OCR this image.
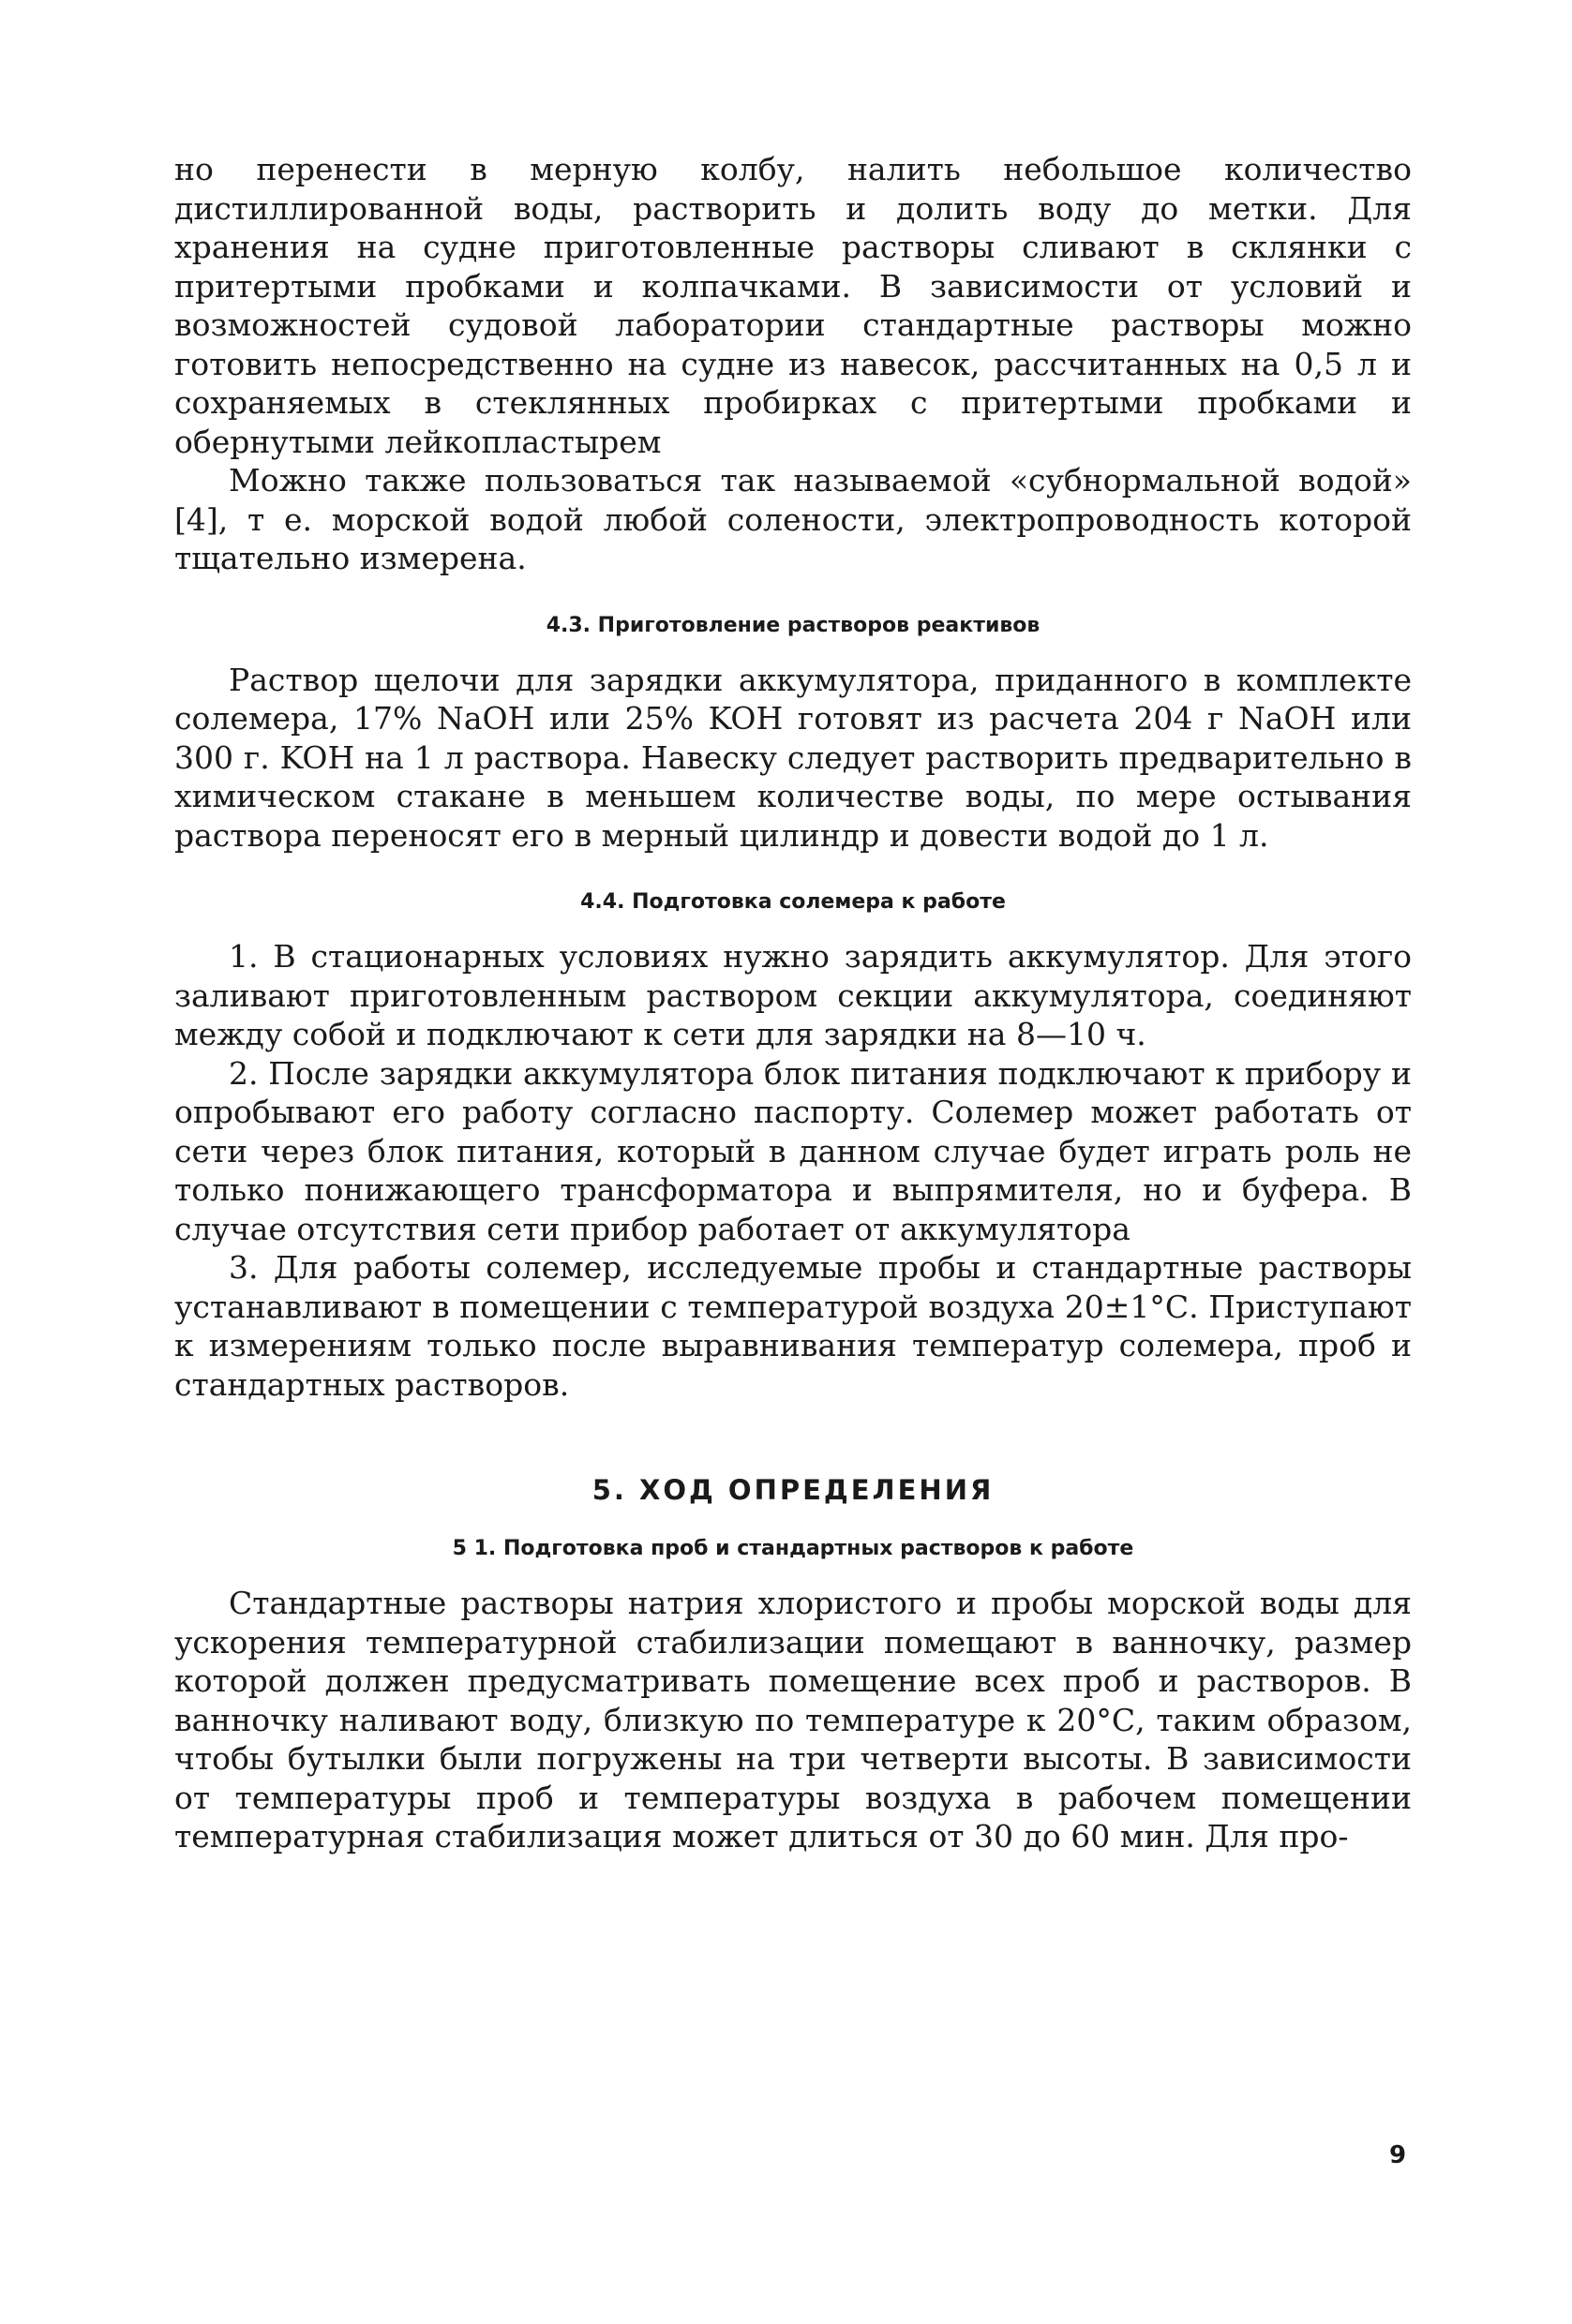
но перенести в мерную колбу, налить небольшое количество дистиллированной воды, растворить и долить воду до метки. Для хранения на судне приготовленные растворы сливают в склянки с притертыми пробками и колпачками. В зависимости от условий и возможностей судовой лаборатории стандартные растворы можно готовить непосредственно на судне из навесок, рассчитанных на 0,5 л и сохраняемых в стеклянных пробирках с притертыми пробками и обернутыми лейкопластырем

Можно также пользоваться так называемой «субнормальной водой» [4], т е. морской водой любой солености, электропроводность которой тщательно измерена.

4.3. Приготовление растворов реактивов

Раствор щелочи для зарядки аккумулятора, приданного в комплекте солемера, 17% NaOH или 25% KOH готовят из расчета 204 г NaOH или 300 г. KOH на 1 л раствора. Навеску следует растворить предварительно в химическом стакане в меньшем количестве воды, по мере остывания раствора переносят его в мерный цилиндр и довести водой до 1 л.

4.4. Подготовка солемера к работе

1. В стационарных условиях нужно зарядить аккумулятор. Для этого заливают приготовленным раствором секции аккумулятора, соединяют между собой и подключают к сети для зарядки на 8—10 ч.

2. После зарядки аккумулятора блок питания подключают к прибору и опробывают его работу согласно паспорту. Солемер может работать от сети через блок питания, который в данном случае будет играть роль не только понижающего трансформатора и выпрямителя, но и буфера. В случае отсутствия сети прибор работает от аккумулятора

3. Для работы солемер, исследуемые пробы и стандартные растворы устанавливают в помещении с температурой воздуха 20±1°С. Приступают к измерениям только после выравнивания температур солемера, проб и стандартных растворов.

5. ХОД ОПРЕДЕЛЕНИЯ
5 1. Подготовка проб и стандартных растворов к работе

Стандартные растворы натрия хлористого и пробы морской воды для ускорения температурной стабилизации помещают в ванночку, размер которой должен предусматривать помещение всех проб и растворов. В ванночку наливают воду, близкую по температуре к 20°С, таким образом, чтобы бутылки были погружены на три четверти высоты. В зависимости от температуры проб и температуры воздуха в рабочем помещении температурная стабилизация может длиться от 30 до 60 мин. Для про-

9
